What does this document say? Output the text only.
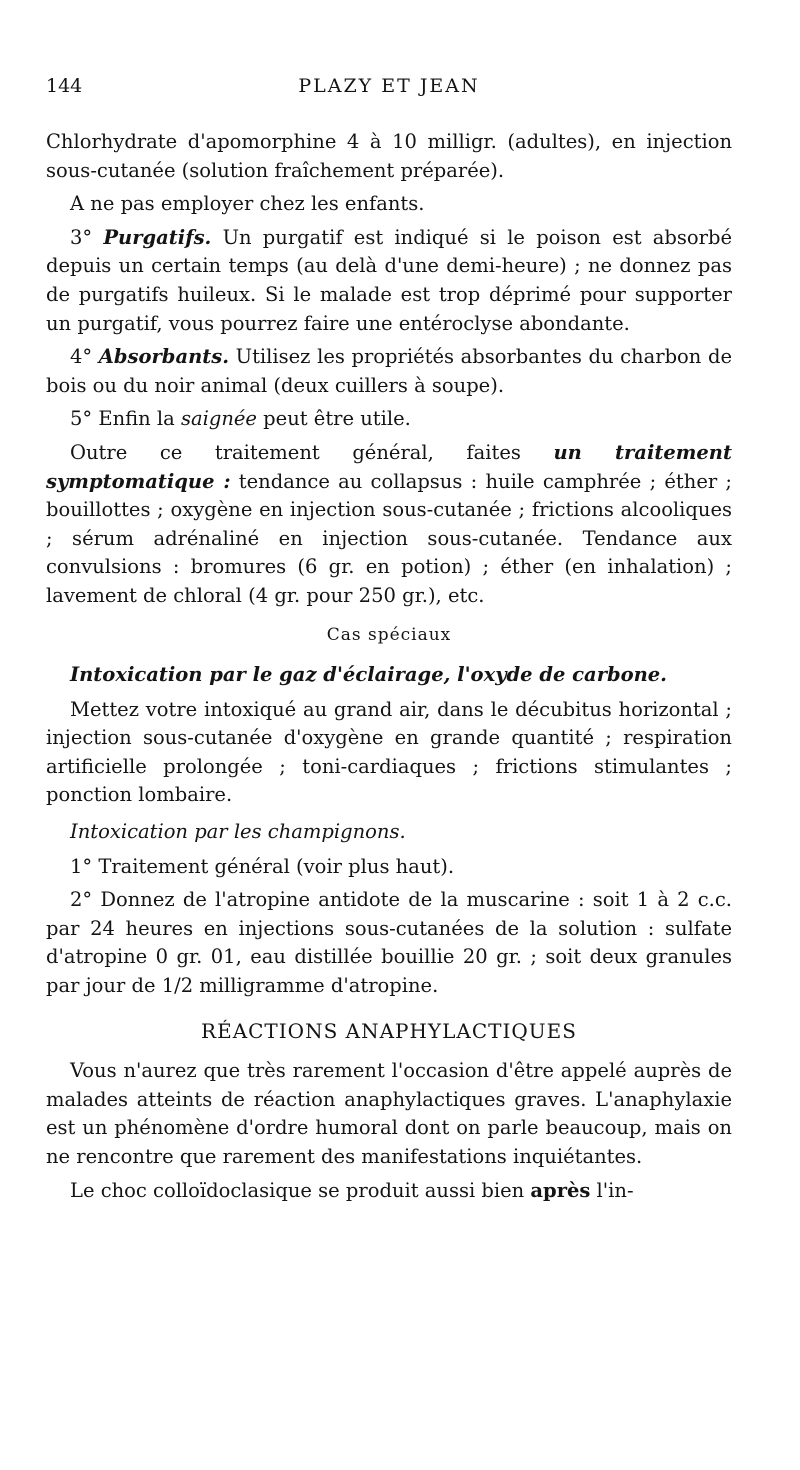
144	PLAZY ET JEAN

Chlorhydrate d'apomorphine 4 à 10 milligr. (adultes), en injection sous-cutanée (solution fraîchement préparée).

A ne pas employer chez les enfants.

3° Purgatifs. Un purgatif est indiqué si le poison est absorbé depuis un certain temps (au delà d'une demi-heure) ; ne donnez pas de purgatifs huileux. Si le malade est trop déprimé pour supporter un purgatif, vous pourrez faire une entéroclyse abondante.

4° Absorbants. Utilisez les propriétés absorbantes du charbon de bois ou du noir animal (deux cuillers à soupe).

5° Enfin la saignée peut être utile.

Outre ce traitement général, faites un traitement symptomatique : tendance au collapsus : huile camphrée ; éther ; bouillottes ; oxygène en injection sous-cutanée ; frictions alcooliques ; sérum adrénaliné en injection sous-cutanée. Tendance aux convulsions : bromures (6 gr. en potion) ; éther (en inhalation) ; lavement de chloral (4 gr. pour 250 gr.), etc.

Cas spéciaux

Intoxication par le gaz d'éclairage, l'oxyde de carbone.

Mettez votre intoxiqué au grand air, dans le décubitus horizontal ; injection sous-cutanée d'oxygène en grande quantité ; respiration artificielle prolongée ; toni-cardiaques ; frictions stimulantes ; ponction lombaire.

Intoxication par les champignons.

1° Traitement général (voir plus haut).

2° Donnez de l'atropine antidote de la muscarine : soit 1 à 2 c.c. par 24 heures en injections sous-cutanées de la solution : sulfate d'atropine 0 gr. 01, eau distillée bouillie 20 gr. ; soit deux granules par jour de 1/2 milligramme d'atropine.

RÉACTIONS ANAPHYLACTIQUES

Vous n'aurez que très rarement l'occasion d'être appelé auprès de malades atteints de réaction anaphylactiques graves. L'anaphylaxie est un phénomène d'ordre humoral dont on parle beaucoup, mais on ne rencontre que rarement des manifestations inquiétantes.

Le choc colloïdoclasique se produit aussi bien après l'in-
